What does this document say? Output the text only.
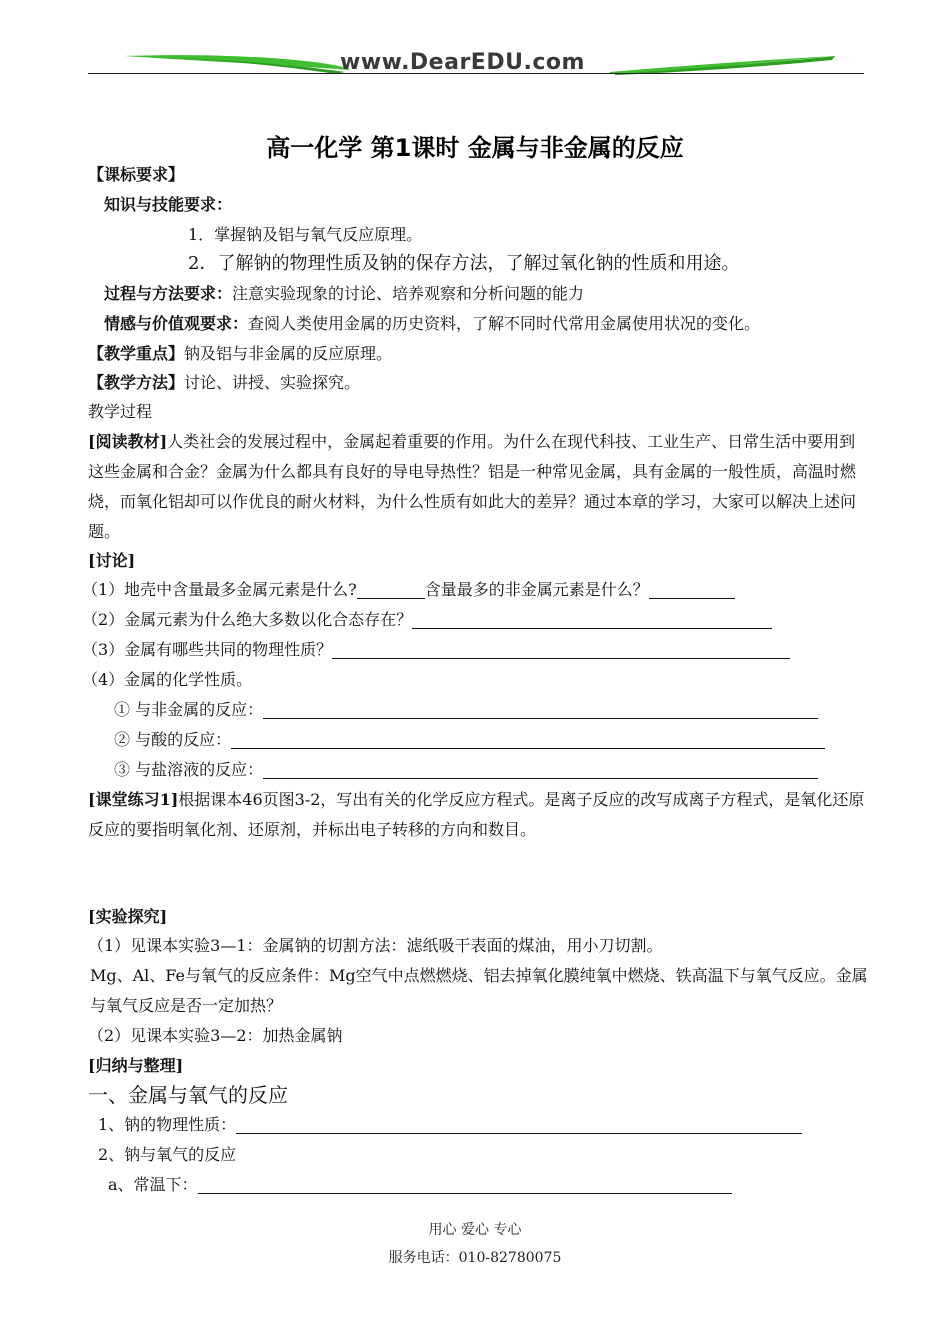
www.DearEDU.com
高一化学 第1课时 金属与非金属的反应
【课标要求】
知识与技能要求：
1．掌握钠及铝与氧气反应原理。
2．了解钠的物理性质及钠的保存方法，了解过氧化钠的性质和用途。
过程与方法要求：注意实验现象的讨论、培养观察和分析问题的能力
情感与价值观要求：查阅人类使用金属的历史资料，了解不同时代常用金属使用状况的变化。
【教学重点】钠及铝与非金属的反应原理。
【教学方法】讨论、讲授、实验探究。
教学过程
[阅读教材]人类社会的发展过程中，金属起着重要的作用。为什么在现代科技、工业生产、日常生活中要用到这些金属和合金？金属为什么都具有良好的导电导热性？铝是一种常见金属，具有金属的一般性质，高温时燃烧，而氧化铝却可以作优良的耐火材料，为什么性质有如此大的差异？通过本章的学习，大家可以解决上述问题。
[讨论]
（1）地壳中含量最多金属元素是什么?	含量最多的非金属元素是什么？
（2）金属元素为什么绝大多数以化合态存在？
（3）金属有哪些共同的物理性质？
（4）金属的化学性质。
① 与非金属的反应：
② 与酸的反应：
③ 与盐溶液的反应：
[课堂练习1]根据课本46页图3-2，写出有关的化学反应方程式。是离子反应的改写成离子方程式，是氧化还原反应的要指明氧化剂、还原剂，并标出电子转移的方向和数目。
[实验探究]
（1）见课本实验3—1：金属钠的切割方法：滤纸吸干表面的煤油，用小刀切割。
Mg、Al、Fe与氧气的反应条件：Mg空气中点燃燃烧、铝去掉氧化膜纯氧中燃烧、铁高温下与氧气反应。金属与氧气反应是否一定加热？
（2）见课本实验3—2：加热金属钠
[归纳与整理]
一、金属与氧气的反应
1、钠的物理性质：
2、钠与氧气的反应
a、常温下：
用心 爱心 专心
服务电话：010-82780075
